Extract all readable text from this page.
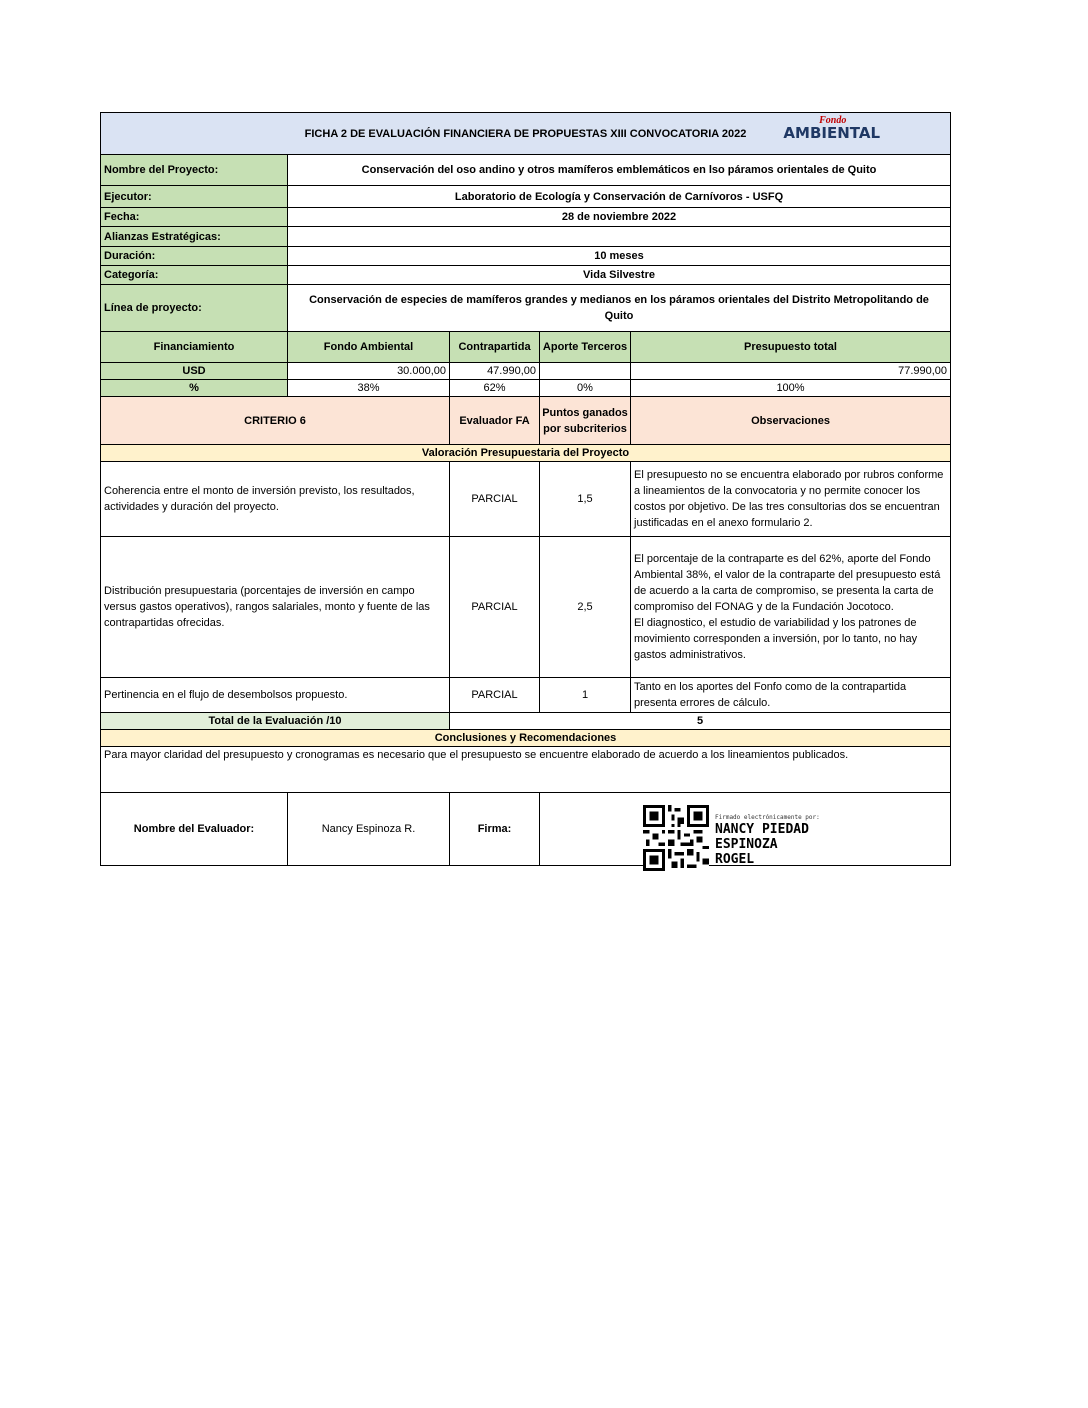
FICHA 2 DE EVALUACIÓN FINANCIERA DE PROPUESTAS XIII CONVOCATORIA 2022
Fondo
AMBIENTAL				

Nombre del Proyecto:	Conservación del oso andino y otros mamíferos emblemáticos en lso páramos orientales de Quito			
Ejecutor:	Laboratorio de Ecología y Conservación de Carnívoros - USFQ			
Fecha:	28 de noviembre 2022			
Alianzas Estratégicas:				
Duración:	10 meses			
Categoría:	Vida Silvestre			
Línea de proyecto:	Conservación de especies de mamíferos grandes y medianos en los páramos orientales del Distrito Metropolitando de Quito			
Financiamiento	Fondo Ambiental	Contrapartida	Aporte Terceros	Presupuesto total
USD	30.000,00	47.990,00		77.990,00
%	38%	62%	0%	100%
CRITERIO 6		Evaluador FA	Puntos ganados por subcriterios	Observaciones
Valoración Presupuestaria del Proyecto				
Coherencia entre el monto de inversión previsto, los resultados, actividades y duración del proyecto.		PARCIAL	1,5	El presupuesto no se encuentra elaborado por rubros conforme a lineamientos de la convocatoria y no permite conocer los costos por objetivo. De las tres consultorias dos se encuentran justificadas en el anexo formulario 2.
Distribución presupuestaria (porcentajes de inversión en campo versus gastos operativos), rangos salariales, monto y fuente de las contrapartidas ofrecidas.		PARCIAL	2,5	El porcentaje de la contraparte es del 62%, aporte del Fondo Ambiental 38%, el valor de la contraparte del presupuesto está de acuerdo a la carta de compromiso, se presenta la carta de compromiso del FONAG y de la Fundación Jocotoco.
El diagnostico, el estudio de variabilidad y los patrones de movimiento corresponden a inversión, por lo tanto, no hay gastos administrativos.

Pertinencia en el flujo de desembolsos propuesto.		PARCIAL	1	Tanto en los aportes del Fonfo como de la contrapartida presenta errores de cálculo.
Total de la Evaluación /10		5		
Conclusiones y Recomendaciones				
Para mayor claridad del presupuesto y cronogramas es necesario que el presupuesto se encuentre elaborado de acuerdo a los lineamientos publicados.				
Nombre del Evaluador:	Nancy Espinoza R.	Firma:	Firmado electrónicamente por:
NANCY PIEDAD
ESPINOZA
ROGEL	
